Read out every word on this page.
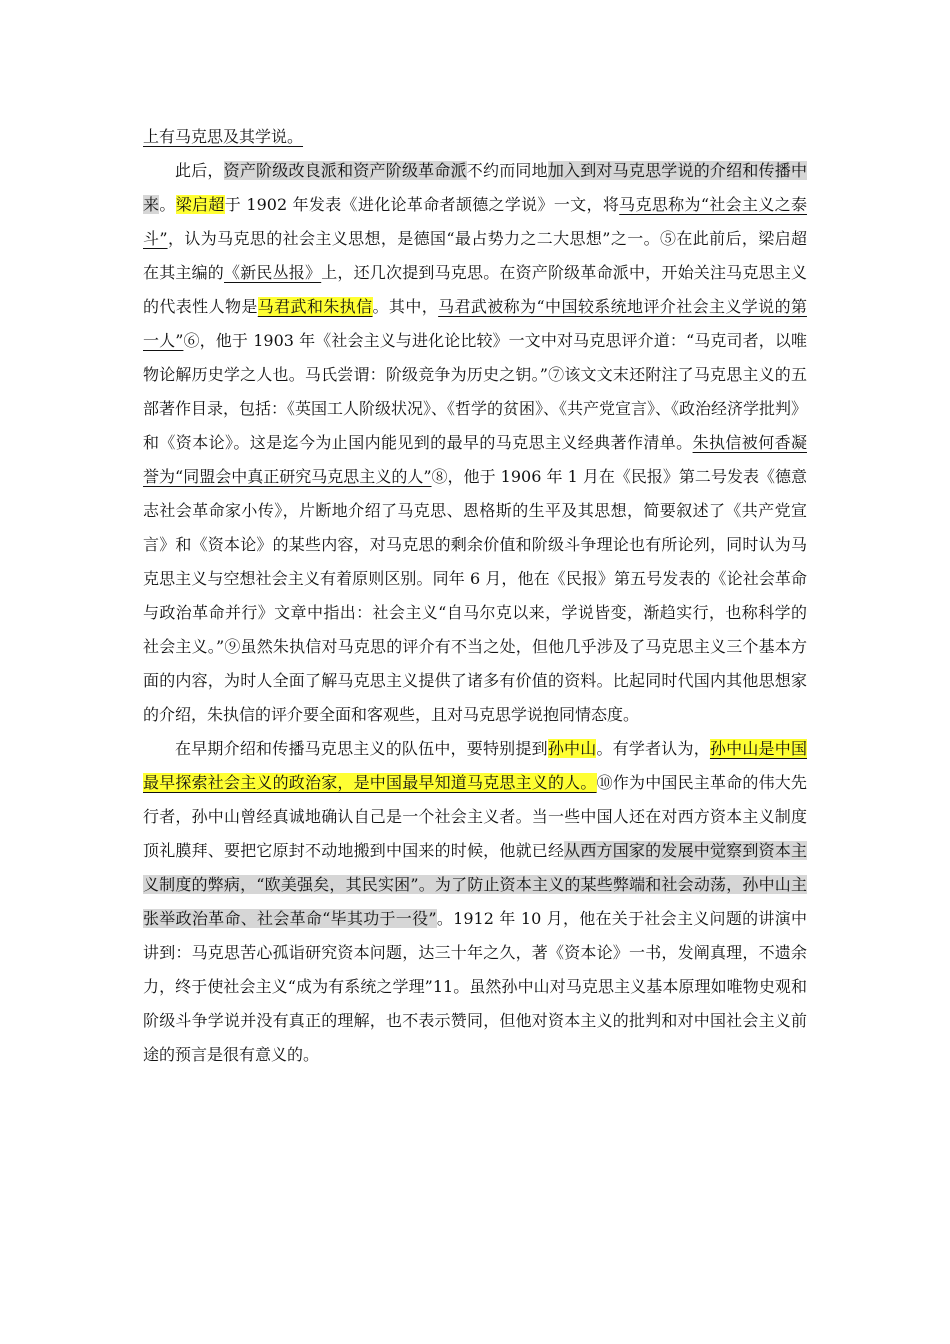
上有马克思及其学说。

此后，资产阶级改良派和资产阶级革命派不约而同地加入到对马克思学说的介绍和传播中来。梁启超于 1902 年发表《进化论革命者颉德之学说》一文，将马克思称为“社会主义之泰斗”，认为马克思的社会主义思想，是德国“最占势力之二大思想”之一。⑤在此前后，梁启超在其主编的《新民丛报》上，还几次提到马克思。在资产阶级革命派中，开始关注马克思主义的代表性人物是马君武和朱执信。其中，马君武被称为“中国较系统地评介社会主义学说的第一人”⑥，他于 1903 年《社会主义与进化论比较》一文中对马克思评介道：“马克司者，以唯物论解历史学之人也。马氏尝谓：阶级竞争为历史之钥。”⑦该文文末还附注了马克思主义的五部著作目录，包括：《英国工人阶级状况》、《哲学的贫困》、《共产党宣言》、《政治经济学批判》和《资本论》。这是迄今为止国内能见到的最早的马克思主义经典著作清单。朱执信被何香凝誉为“同盟会中真正研究马克思主义的人”⑧，他于 1906 年 1 月在《民报》第二号发表《德意志社会革命家小传》，片断地介绍了马克思、恩格斯的生平及其思想，简要叙述了《共产党宣言》和《资本论》的某些内容，对马克思的剩余价值和阶级斗争理论也有所论列，同时认为马克思主义与空想社会主义有着原则区别。同年 6 月，他在《民报》第五号发表的《论社会革命与政治革命并行》文章中指出：社会主义“自马尔克以来，学说皆变，渐趋实行，也称科学的社会主义。”⑨虽然朱执信对马克思的评介有不当之处，但他几乎涉及了马克思主义三个基本方面的内容，为时人全面了解马克思主义提供了诸多有价值的资料。比起同时代国内其他思想家的介绍，朱执信的评介要全面和客观些，且对马克思学说抱同情态度。

在早期介绍和传播马克思主义的队伍中，要特别提到孙中山。有学者认为，孙中山是中国最早探索社会主义的政治家，是中国最早知道马克思主义的人。⑩作为中国民主革命的伟大先行者，孙中山曾经真诚地确认自己是一个社会主义者。当一些中国人还在对西方资本主义制度顶礼膜拜、要把它原封不动地搬到中国来的时候，他就已经从西方国家的发展中觉察到资本主义制度的弊病，“欧美强矣，其民实困”。为了防止资本主义的某些弊端和社会动荡，孙中山主张举政治革命、社会革命“毕其功于一役”。1912 年 10 月，他在关于社会主义问题的讲演中讲到：马克思苦心孤诣研究资本问题，达三十年之久，著《资本论》一书，发阐真理，不遗余力，终于使社会主义“成为有系统之学理”11。虽然孙中山对马克思主义基本原理如唯物史观和阶级斗争学说并没有真正的理解，也不表示赞同，但他对资本主义的批判和对中国社会主义前途的预言是很有意义的。
